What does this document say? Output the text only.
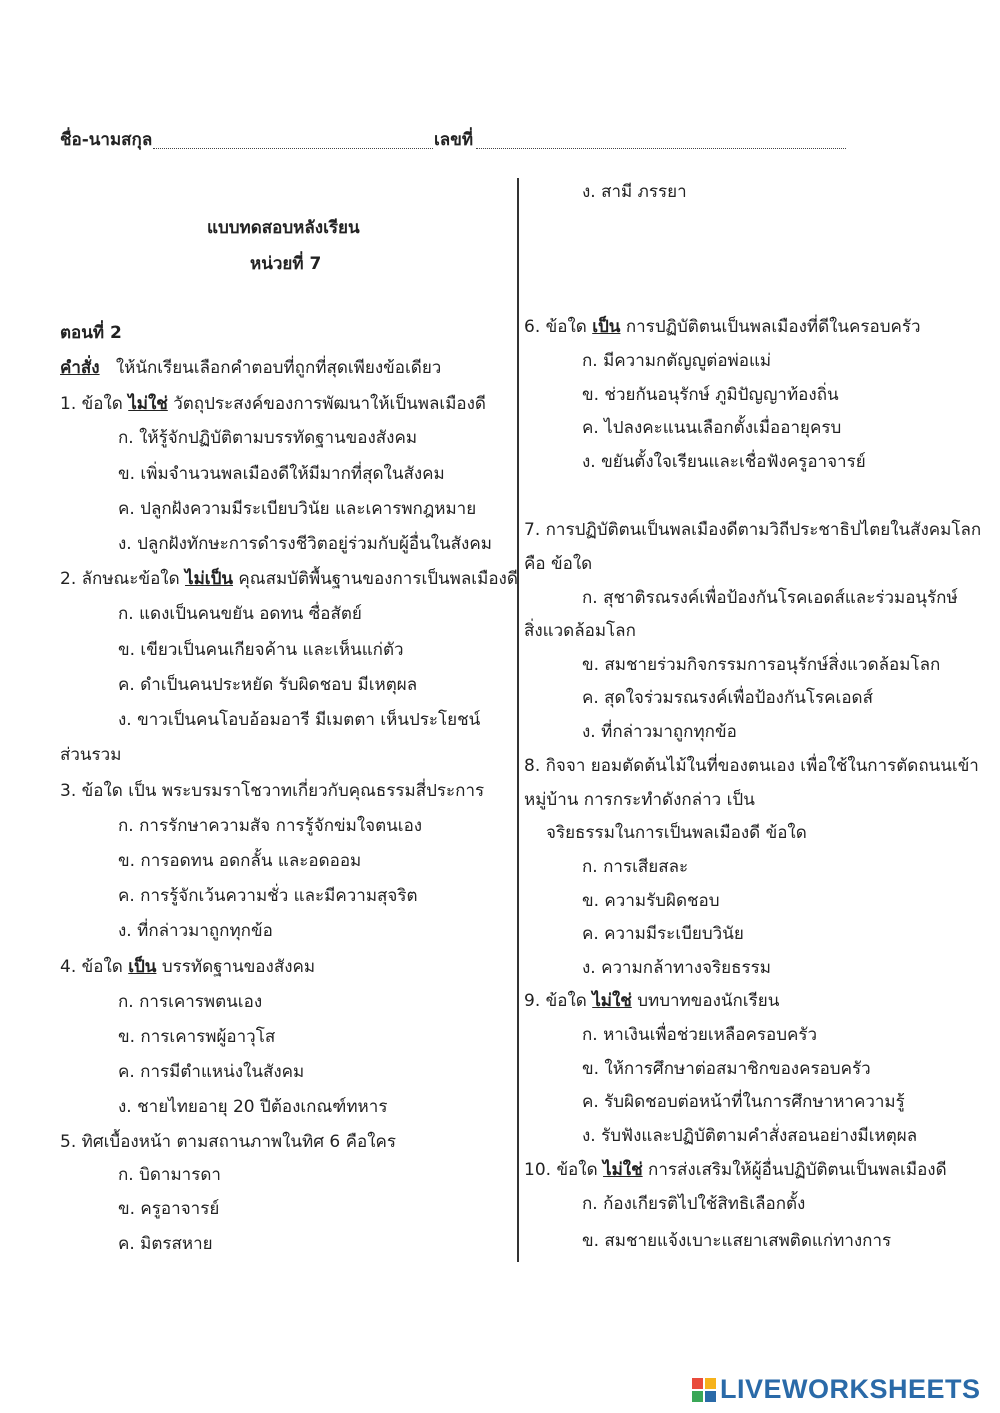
ชื่อ-นามสกุล	เลขที่
แบบทดสอบหลังเรียน
หน่วยที่ 7
ตอนที่ 2
คำสั่ง ให้นักเรียนเลือกคำตอบที่ถูกที่สุดเพียงข้อเดียว
1. ข้อใด ไม่ใช่ วัตถุประสงค์ของการพัฒนาให้เป็นพลเมืองดี
ก. ให้รู้จักปฏิบัติตามบรรทัดฐานของสังคม
ข. เพิ่มจำนวนพลเมืองดีให้มีมากที่สุดในสังคม
ค. ปลูกฝังความมีระเบียบวินัย และเคารพกฎหมาย
ง. ปลูกฝังทักษะการดำรงชีวิตอยู่ร่วมกับผู้อื่นในสังคม
2. ลักษณะข้อใด ไม่เป็น คุณสมบัติพื้นฐานของการเป็นพลเมืองดี
ก. แดงเป็นคนขยัน อดทน ซื่อสัตย์
ข. เขียวเป็นคนเกียจค้าน และเห็นแก่ตัว
ค. ดำเป็นคนประหยัด รับผิดชอบ มีเหตุผล
ง. ขาวเป็นคนโอบอ้อมอารี มีเมตตา เห็นประโยชน์
ส่วนรวม
3. ข้อใด เป็น พระบรมราโชวาทเกี่ยวกับคุณธรรมสี่ประการ
ก. การรักษาความสัจ การรู้จักข่มใจตนเอง
ข. การอดทน อดกลั้น และอดออม
ค. การรู้จักเว้นความชั่ว และมีความสุจริต
ง. ที่กล่าวมาถูกทุกข้อ
4. ข้อใด เป็น บรรทัดฐานของสังคม
ก. การเคารพตนเอง
ข. การเคารพผู้อาวุโส
ค. การมีตำแหน่งในสังคม
ง. ชายไทยอายุ 20 ปีต้องเกณฑ์ทหาร
5. ทิศเบื้องหน้า ตามสถานภาพในทิศ 6 คือใคร
ก. บิดามารดา
ข. ครูอาจารย์
ค. มิตรสหาย
ง. สามี ภรรยา
6. ข้อใด เป็น การปฏิบัติตนเป็นพลเมืองที่ดีในครอบครัว
ก. มีความกตัญญูต่อพ่อแม่
ข. ช่วยกันอนุรักษ์ ภูมิปัญญาท้องถิ่น
ค. ไปลงคะแนนเลือกตั้งเมื่ออายุครบ
ง. ขยันตั้งใจเรียนและเชื่อฟังครูอาจารย์
7. การปฏิบัติตนเป็นพลเมืองดีตามวิถีประชาธิปไตยในสังคมโลก
คือ ข้อใด
ก. สุชาติรณรงค์เพื่อป้องกันโรคเอดส์และร่วมอนุรักษ์
สิ่งแวดล้อมโลก
ข. สมชายร่วมกิจกรรมการอนุรักษ์สิ่งแวดล้อมโลก
ค. สุดใจร่วมรณรงค์เพื่อป้องกันโรคเอดส์
ง. ที่กล่าวมาถูกทุกข้อ
8. กิจจา ยอมตัดต้นไม้ในที่ของตนเอง เพื่อใช้ในการตัดถนนเข้า
หมู่บ้าน การกระทำดังกล่าว เป็น
จริยธรรมในการเป็นพลเมืองดี ข้อใด
ก. การเสียสละ
ข. ความรับผิดชอบ
ค. ความมีระเบียบวินัย
ง. ความกล้าทางจริยธรรม
9. ข้อใด ไม่ใช่ บทบาทของนักเรียน
ก. หาเงินเพื่อช่วยเหลือครอบครัว
ข. ให้การศึกษาต่อสมาชิกของครอบครัว
ค. รับผิดชอบต่อหน้าที่ในการศึกษาหาความรู้
ง. รับฟังและปฏิบัติตามคำสั่งสอนอย่างมีเหตุผล
10. ข้อใด ไม่ใช่ การส่งเสริมให้ผู้อื่นปฏิบัติตนเป็นพลเมืองดี
ก. ก้องเกียรติไปใช้สิทธิเลือกตั้ง
ข. สมชายแจ้งเบาะแสยาเสพติดแก่ทางการ
LIVEWORKSHEETS
